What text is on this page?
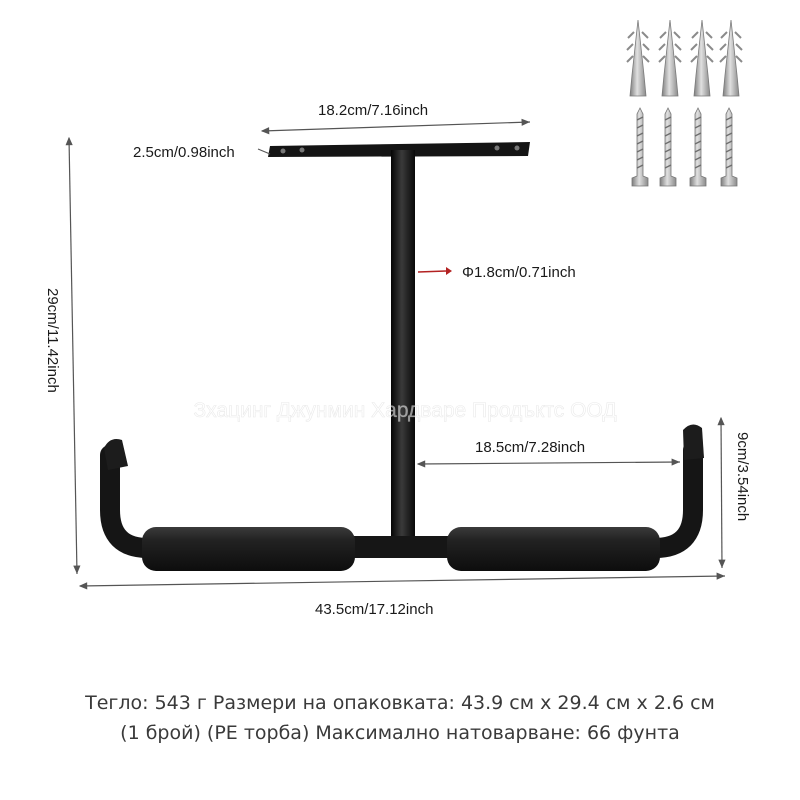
Зхацинг Джунмин Хардваре Продъктс ООД
18.2cm/7.16inch
2.5cm/0.98inch
Φ1.8cm/0.71inch
29cm/11.42inch
18.5cm/7.28inch	9cm/3.54inch
43.5cm/17.12inch
Тегло: 543 г Размери на опаковката: 43.9 см x 29.4 см x 2.6 см
(1 брой) (PE торба) Максимално натоварване: 66 фунта
